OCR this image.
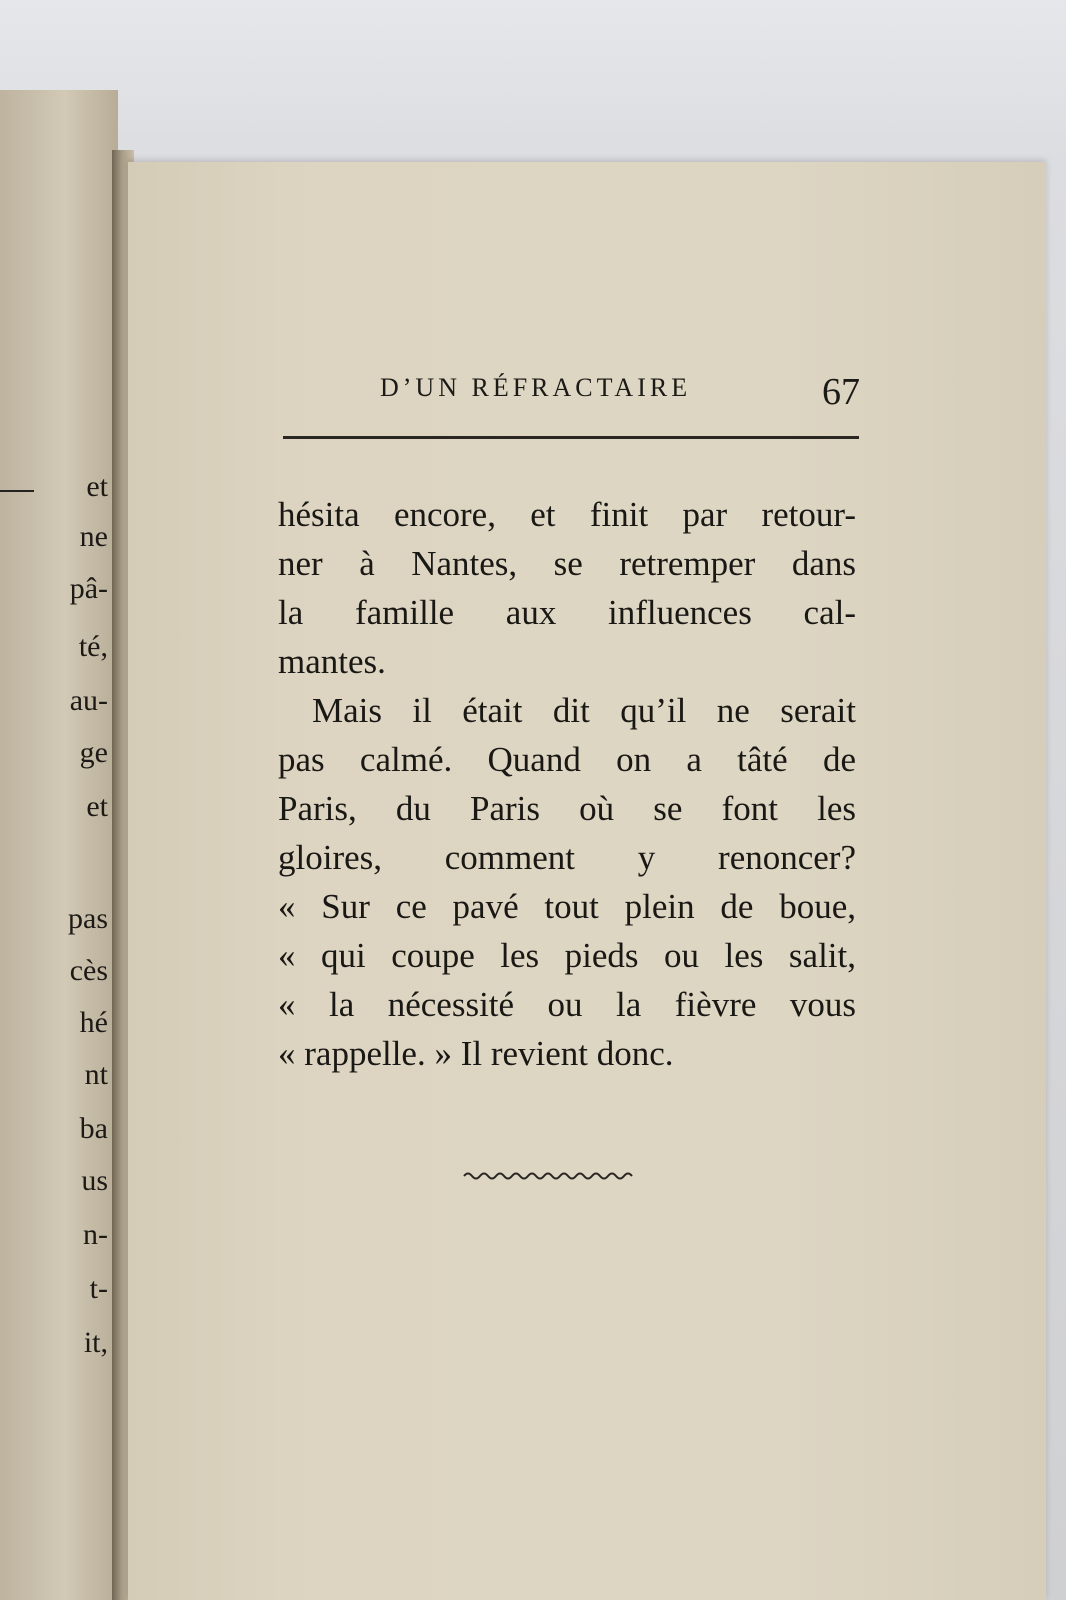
et
ne
pâ-
té,
au-
ge
et
pas
cès
hé
nt
ba
us
n-
t-
it,
D’UN RÉFRACTAIRE	67
hésita encore, et finit par retour-
ner à Nantes, se retremper dans
la famille aux influences cal-
mantes.
Mais il était dit qu’il ne serait
pas calmé. Quand on a tâté de
Paris, du Paris où se font les
gloires, comment y renoncer?
« Sur ce pavé tout plein de boue,
« qui coupe les pieds ou les salit,
« la nécessité ou la fièvre vous
« rappelle. » Il revient donc.
